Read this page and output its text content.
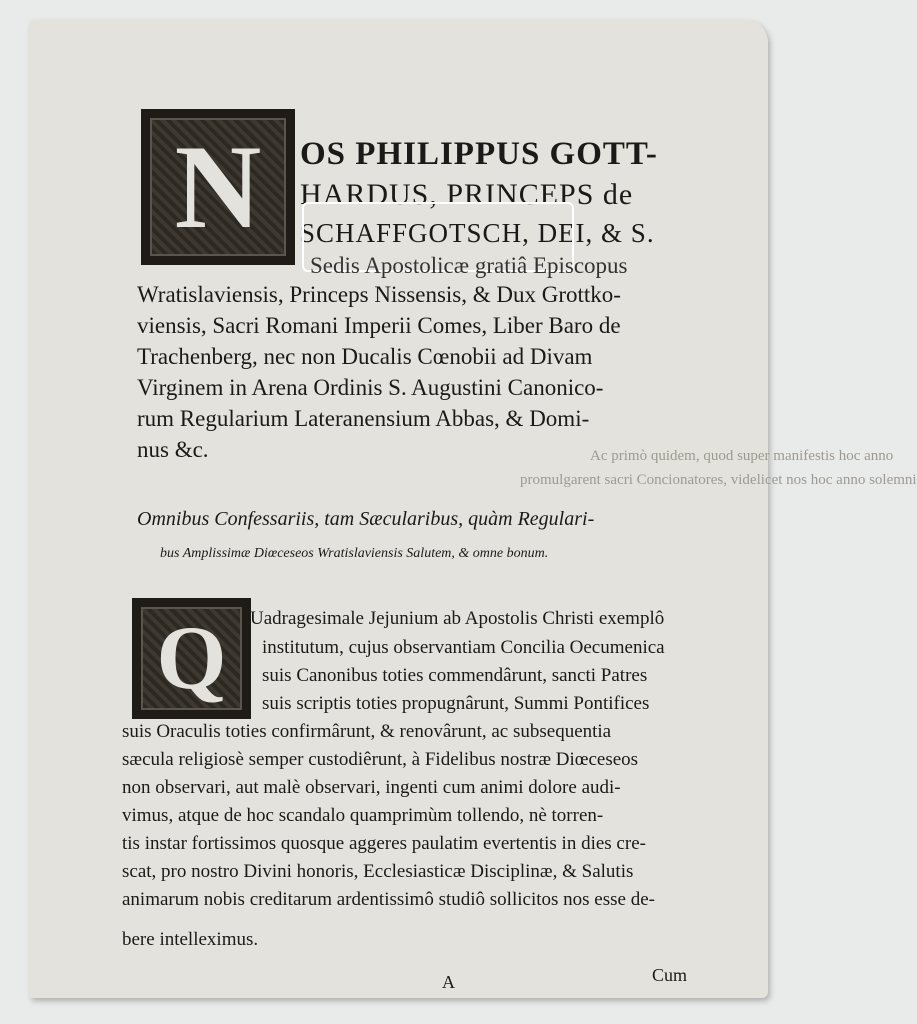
Ac primò quidem, quod super manifestis hoc anno
promulgarent sacri Concionatores, videlicet nos hoc anno solemni
N OS PHILIPPUS GOTT-
HARDUS, PRINCEPS de
SCHAFFGOTSCH, DEI, & S.
Sedis Apostolicæ gratiâ Episcopus
Wratislaviensis, Princeps Nissensis, & Dux Grottko-
viensis, Sacri Romani Imperii Comes, Liber Baro de
Trachenberg, nec non Ducalis Cœnobii ad Divam
Virginem in Arena Ordinis S. Augustini Canonico-
rum Regularium Lateranensium Abbas, & Domi-
nus &c.
Omnibus Confessariis, tam Sæcularibus, quàm Regulari-
bus Amplissimæ Diœceseos Wratislaviensis Salutem, & omne bonum.
Q Uadragesimale Jejunium ab Apostolis Christi exemplô
institutum, cujus observantiam Concilia Oecumenica
suis Canonibus toties commendârunt, sancti Patres
suis scriptis toties propugnârunt, Summi Pontifices
suis Oraculis toties confirmârunt, & renovârunt, ac subsequentia
sæcula religiosè semper custodiêrunt, à Fidelibus nostræ Diœceseos
non observari, aut malè observari, ingenti cum animi dolore audi-
vimus, atque de hoc scandalo quamprimùm tollendo, nè torren-
tis instar fortissimos quosque aggeres paulatim evertentis in dies cre-
scat, pro nostro Divini honoris, Ecclesiasticæ Disciplinæ, & Salutis
animarum nobis creditarum ardentissimô studiô sollicitos nos esse de-
bere intelleximus.
A	Cum
